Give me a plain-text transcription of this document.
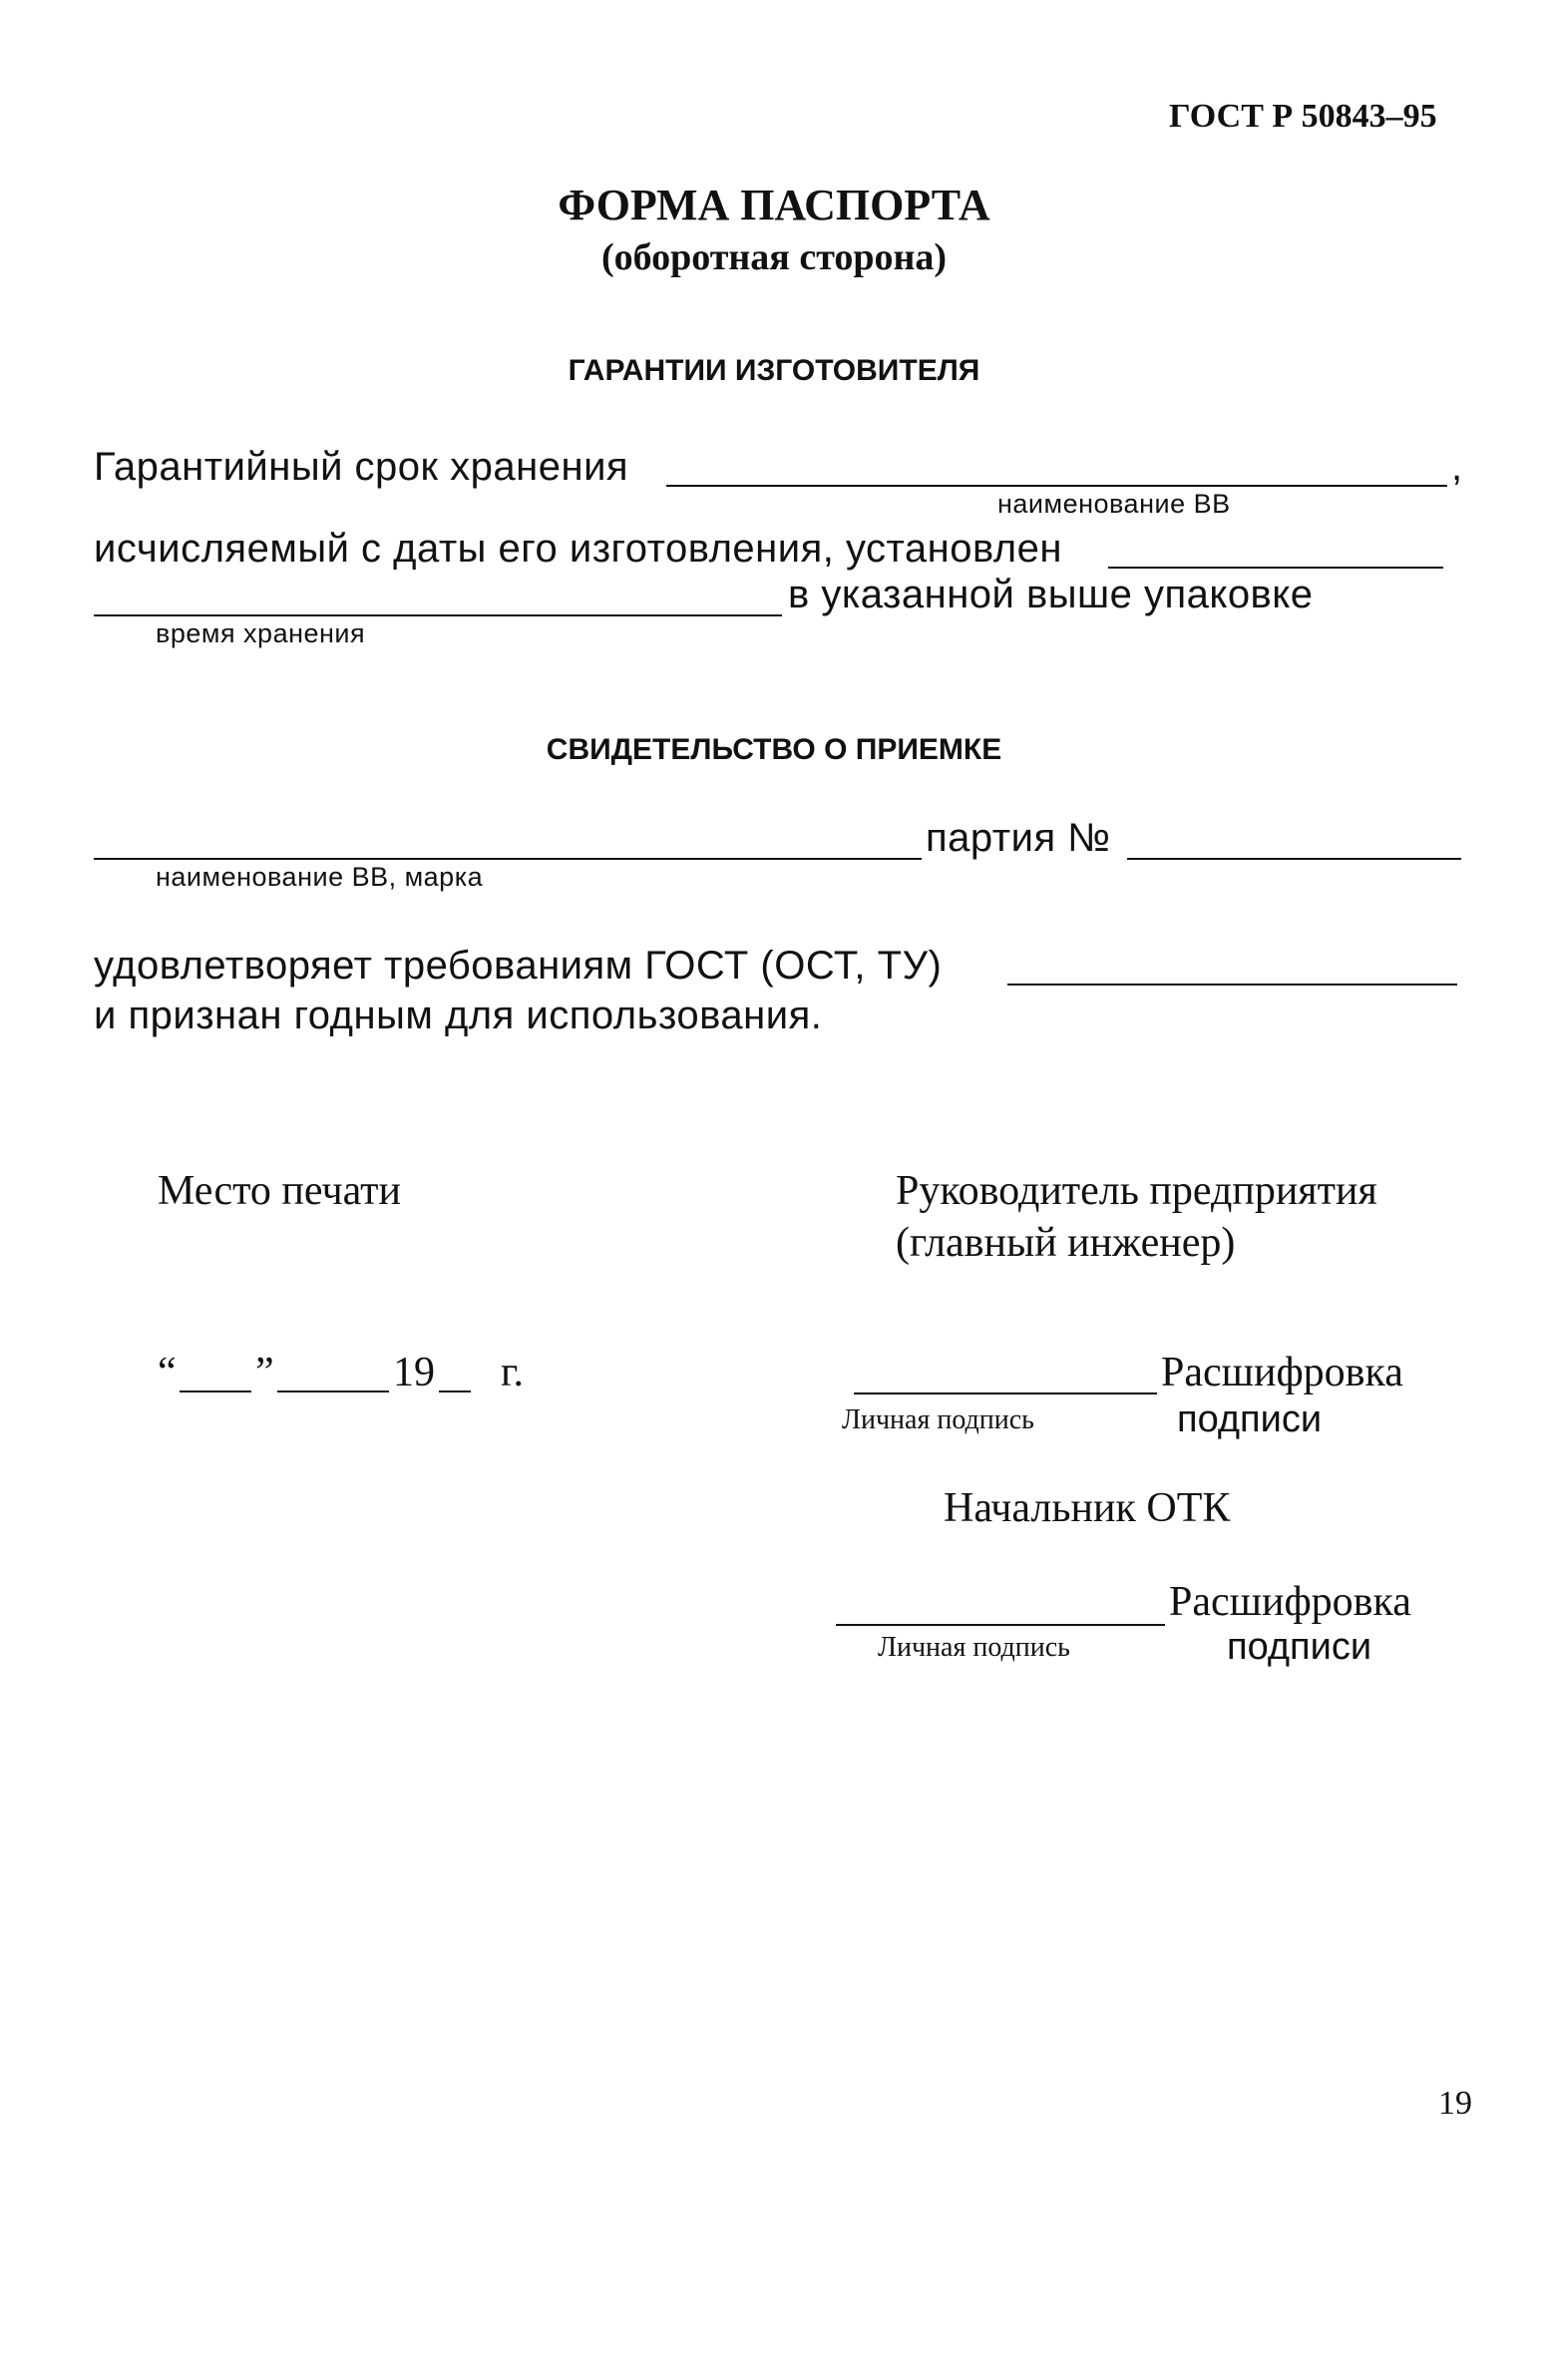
ГОСТ Р 50843–95
ФОРМА ПАСПОРТА
(оборотная сторона)
ГАРАНТИИ ИЗГОТОВИТЕЛЯ
Гарантийный срок хранения	,
наименование ВВ
исчисляемый с даты его изготовления, установлен
в указанной выше упаковке
время хранения
СВИДЕТЕЛЬСТВО О ПРИЕМКЕ
партия №
наименование ВВ, марка
удовлетворяет требованиям ГОСТ (ОСТ, ТУ)
и признан годным для использования.
Место печати	Руководитель предприятия
(главный инженер)
“ ”	19 г.	Расшифровка
Личная подпись	подписи
Начальник ОТК
Расшифровка
Личная подпись	подписи
19
